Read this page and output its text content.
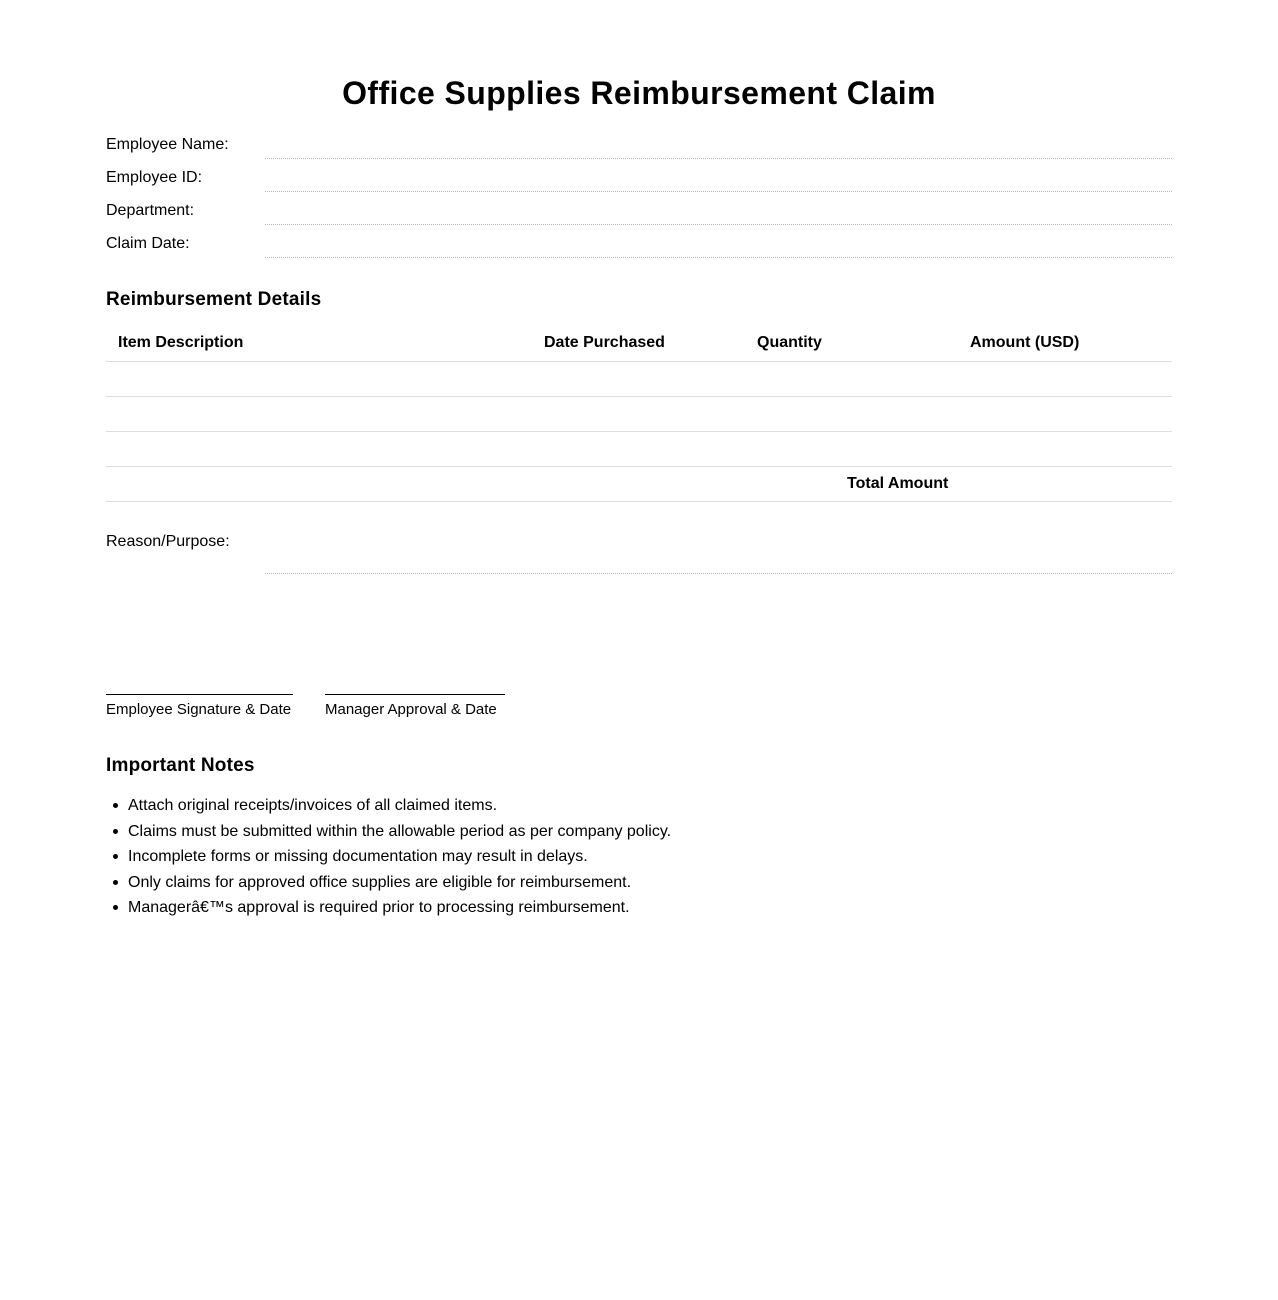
Office Supplies Reimbursement Claim
Employee Name:
Employee ID:
Department:
Claim Date:
Reimbursement Details
Item Description	Date Purchased	Quantity	Amount (USD)
Total Amount
Reason/Purpose:
Employee Signature & Date Manager Approval & Date
Important Notes
Attach original receipts/invoices of all claimed items.
Claims must be submitted within the allowable period as per company policy.
Incomplete forms or missing documentation may result in delays.
Only claims for approved office supplies are eligible for reimbursement.
Managerâ€™s approval is required prior to processing reimbursement.
